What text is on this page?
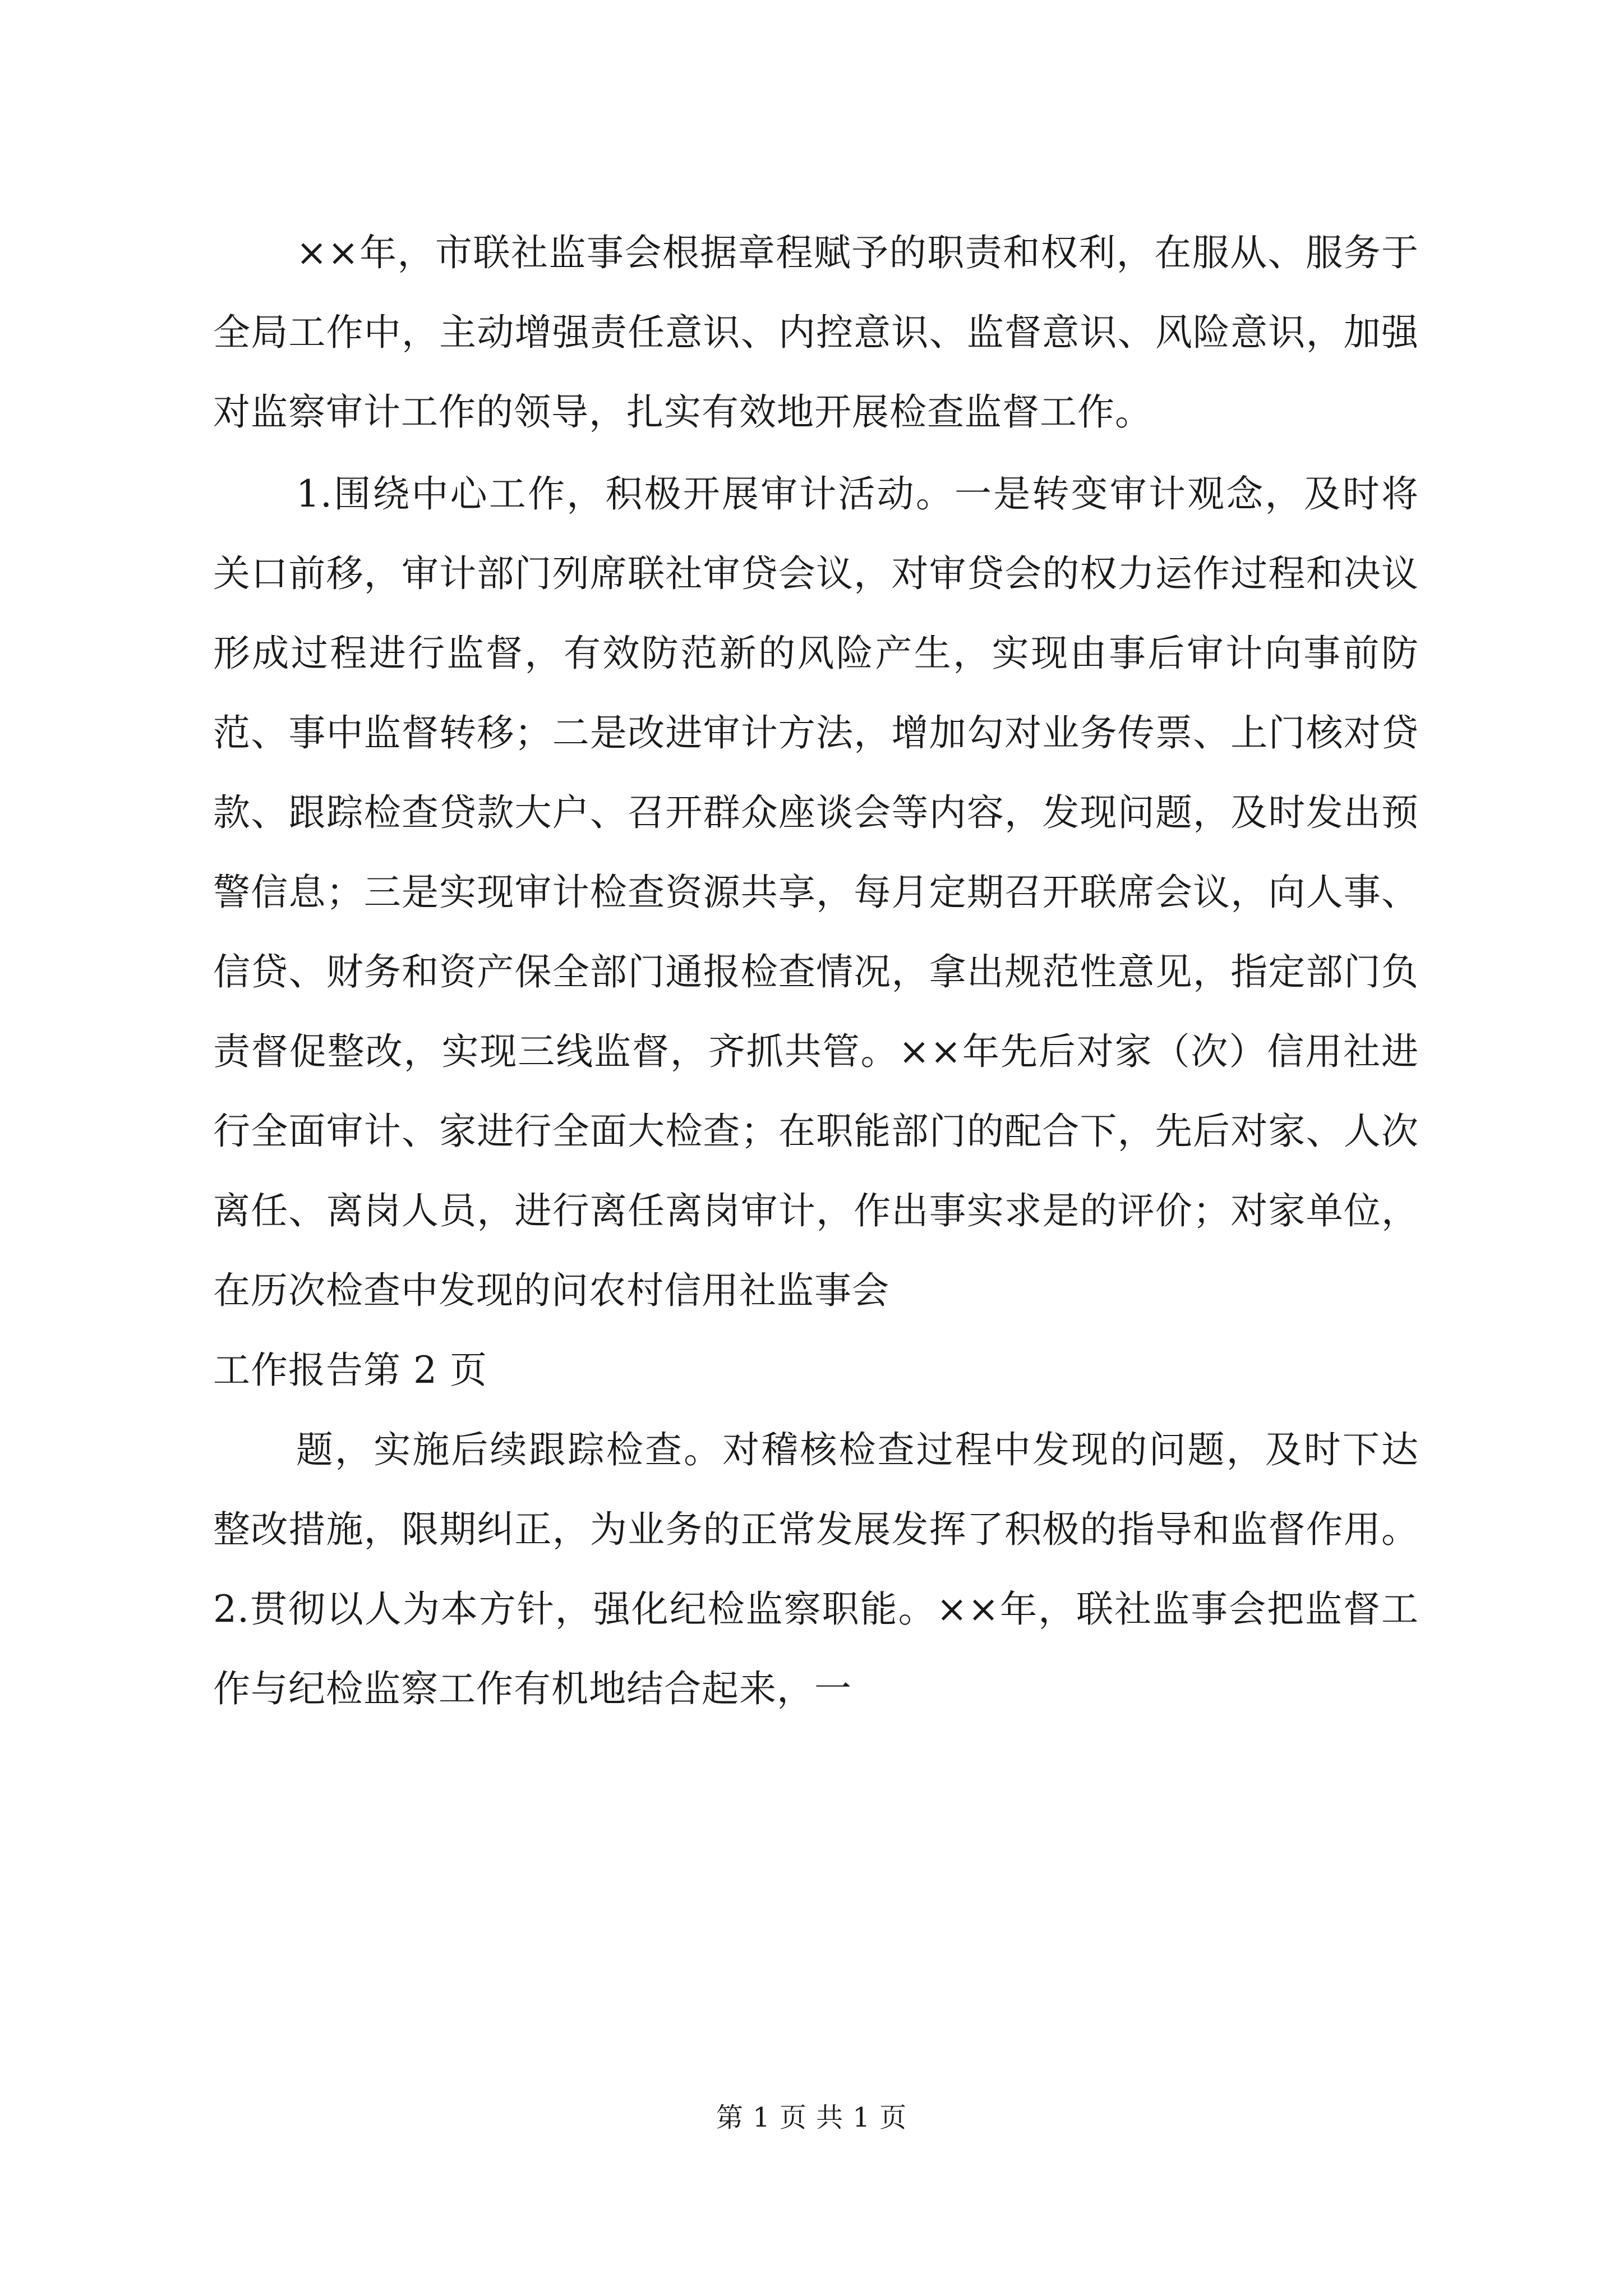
××年，市联社监事会根据章程赋予的职责和权利，在服从、服务于全局工作中，主动增强责任意识、内控意识、监督意识、风险意识，加强对监察审计工作的领导，扎实有效地开展检查监督工作。

1.围绕中心工作，积极开展审计活动。一是转变审计观念，及时将关口前移，审计部门列席联社审贷会议，对审贷会的权力运作过程和决议形成过程进行监督，有效防范新的风险产生，实现由事后审计向事前防范、事中监督转移；二是改进审计方法，增加勾对业务传票、上门核对贷款、跟踪检查贷款大户、召开群众座谈会等内容，发现问题，及时发出预警信息；三是实现审计检查资源共享，每月定期召开联席会议，向人事、信贷、财务和资产保全部门通报检查情况，拿出规范性意见，指定部门负责督促整改，实现三线监督，齐抓共管。××年先后对家（次）信用社进行全面审计、家进行全面大检查；在职能部门的配合下，先后对家、人次离任、离岗人员，进行离任离岗审计，作出事实求是的评价；对家单位，在历次检查中发现的问农村信用社监事会

工作报告第 2 页

题，实施后续跟踪检查。对稽核检查过程中发现的问题，及时下达整改措施，限期纠正，为业务的正常发展发挥了积极的指导和监督作用。2.贯彻以人为本方针，强化纪检监察职能。××年，联社监事会把监督工作与纪检监察工作有机地结合起来，一

第 1 页 共 1 页
